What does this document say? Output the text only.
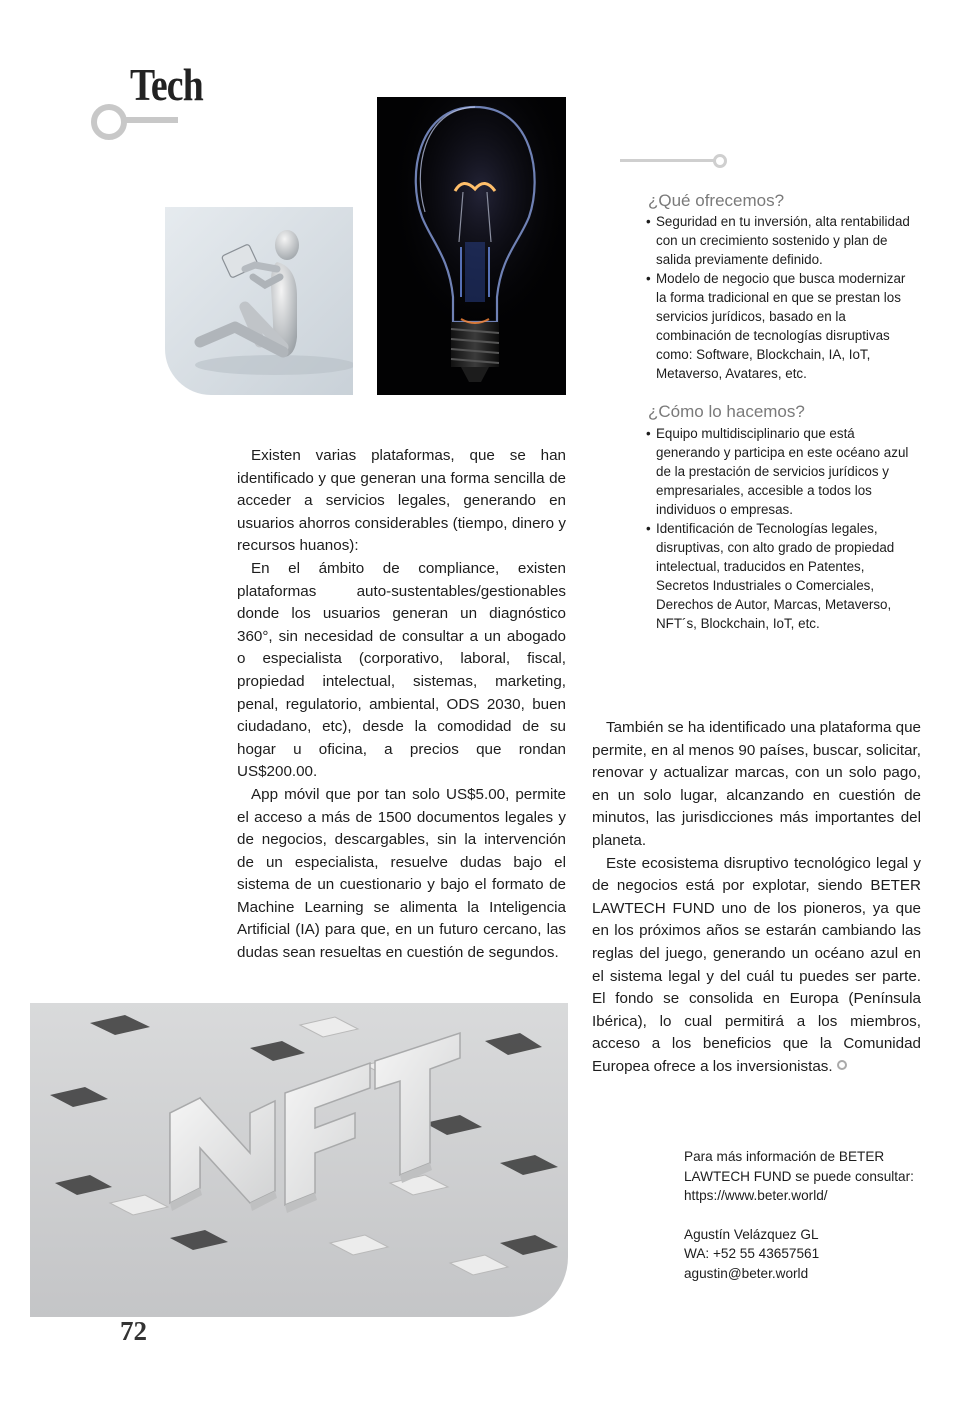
Tech
¿Qué ofrecemos?
• Seguridad en tu inversión, alta rentabilidad con un crecimiento sostenido y plan de salida previamente definido.
• Modelo de negocio que busca modernizar la forma tradicional en que se prestan los servicios jurídicos, basado en la combinación de tecnologías disruptivas como: Software, Blockchain, IA, IoT, Metaverso, Avatares, etc.
¿Cómo lo hacemos?
• Equipo multidisciplinario que está generando y participa en este océano azul de la prestación de servicios jurídicos y empresariales, accesible a todos los individuos o empresas.
• Identificación de Tecnologías legales, disruptivas, con alto grado de propiedad intelectual, traducidos en Patentes, Secretos Industriales o Comerciales, Derechos de Autor, Marcas, Metaverso, NFT´s, Blockchain, IoT, etc.

Existen varias plataformas, que se han identificado y que generan una forma sencilla de acceder a servicios legales, generando en usuarios ahorros considerables (tiempo, dinero y recursos huanos):

En el ámbito de compliance, existen plataformas auto-sustentables/gestionables donde los usuarios generan un diagnóstico 360°, sin necesidad de consultar a un abogado o especialista (corporativo, laboral, fiscal, propiedad intelectual, sistemas, marketing, penal, regulatorio, ambiental, ODS 2030, buen ciudadano, etc), desde la comodidad de su hogar u oficina, a precios que rondan US$200.00.

App móvil que por tan solo US$5.00, permite el acceso a más de 1500 documentos legales y de negocios, descargables, sin la intervención de un especialista, resuelve dudas bajo el sistema de un cuestionario y bajo el formato de Machine Learning se alimenta la Inteligencia Artificial (IA) para que, en un futuro cercano, las dudas sean resueltas en cuestión de segundos.

También se ha identificado una plataforma que permite, en al menos 90 países, buscar, solicitar, renovar y actualizar marcas, con un solo pago, en un solo lugar, alcanzando en cuestión de minutos, las jurisdicciones más importantes del planeta.

Este ecosistema disruptivo tecnológico legal y de negocios está por explotar, siendo BETER LAWTECH FUND uno de los pioneros, ya que en los próximos años se estarán cambiando las reglas del juego, generando un océano azul en el sistema legal y del cuál tu puedes ser parte. El fondo se consolida en Europa (Península Ibérica), lo cual permitirá a los miembros, acceso a los beneficios que la Comunidad Europea ofrece a los inversionistas.

Para más información de BETER
LAWTECH FUND se puede consultar:
https://www.beter.world/
Agustín Velázquez GL
WA: +52 55 43657561
agustin@beter.world
72
